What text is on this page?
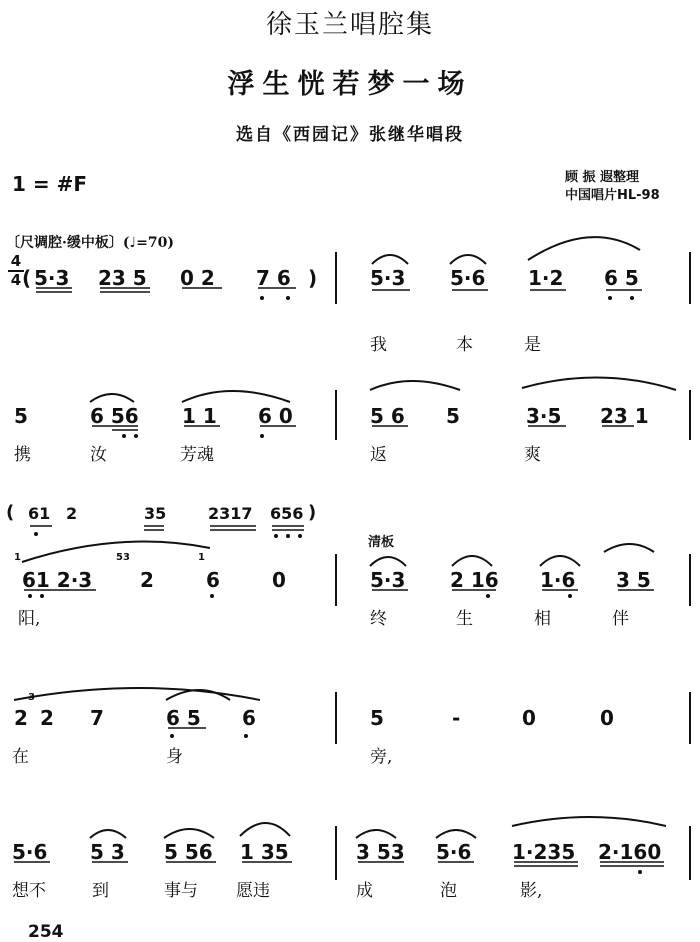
徐玉兰唱腔集
浮生恍若梦一场
选自《西园记》张继华唱段
1 = #F	顾 振 遐整理
中国唱片HL-98
〔尺调腔·缓中板〕(♩=70)
4
4 ( 5·3 23 5 0 2 7 6 )	5·3 5·6 1·2 6 5
我	本	是
5	6 56 1 1 6 0	5 6 5	3·5 23 1
携	汝	芳魂	返	爽
( 61 2	35	2317 656 )
1	53	1
61 2·3 2	6	0	5·3 2 16 1·6 3 5
清板
阳,	终	生	相	伴
3
2 2 7	6 5 6	5	-	0	0
在	身	旁,
5·6 5 3 5 56 1 35	3 53 5·6 1·235 2·160
想不	到	事与 愿违	成	泡	影,
254
